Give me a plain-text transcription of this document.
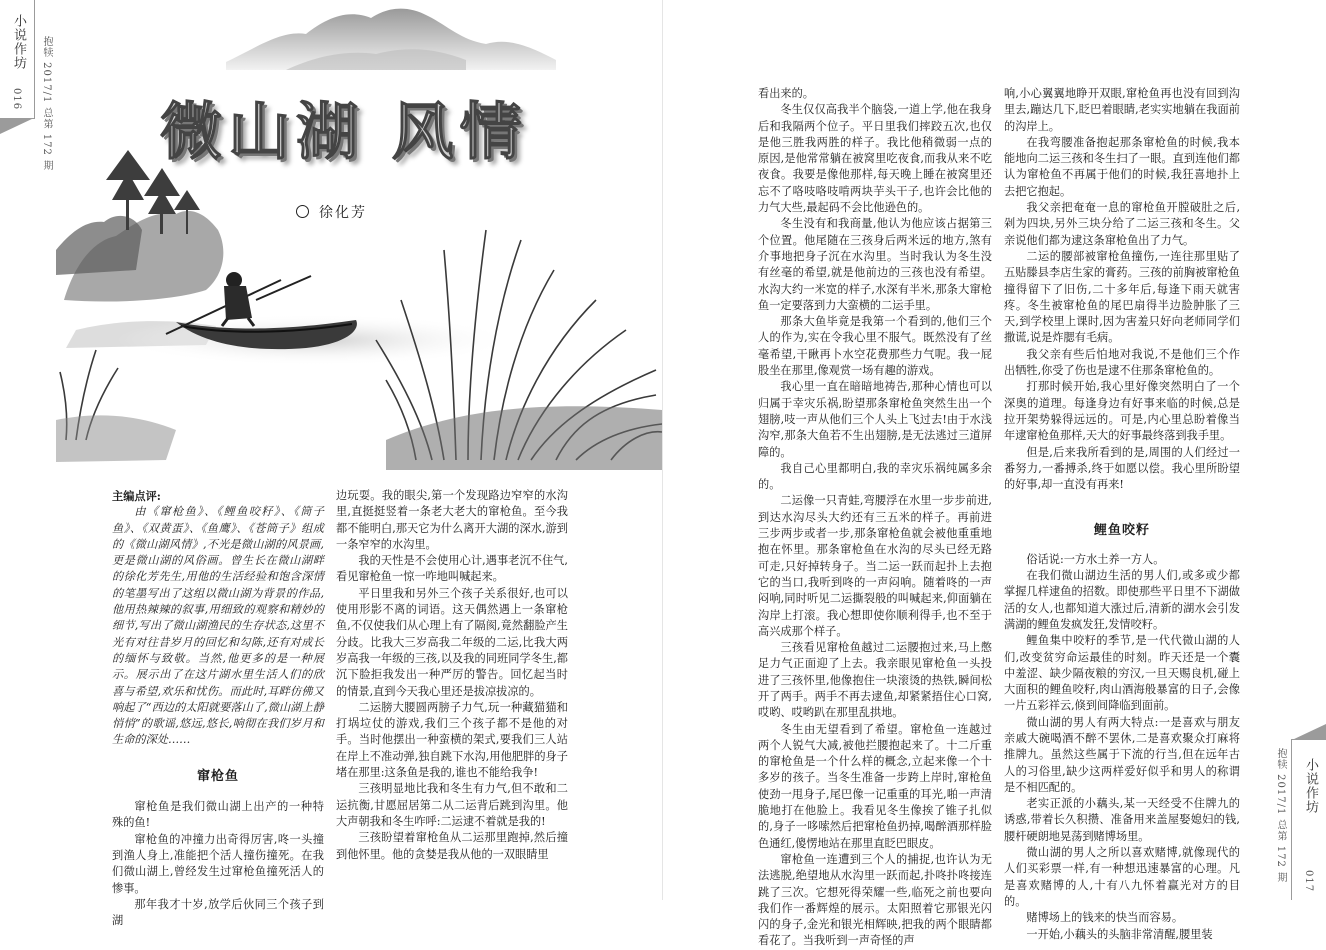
小说作坊
016 抱犊 2017/1 总第 172 期
抱犊 2017/1 总第 172 期 小说作坊
017
微山湖 风情
徐化芳

主编点评:

由《窜枪鱼》、《鲤鱼咬籽》、《筒子鱼》、《双黄蛋》、《鱼鹰》、《苍筒子》组成的《微山湖风情》,不光是微山湖的风景画,更是微山湖的风俗画。曾生长在微山湖畔的徐化芳先生,用他的生活经验和饱含深情的笔墨写出了这组以微山湖为背景的作品,他用热辣辣的叙事,用细致的观察和精妙的细节,写出了微山湖渔民的生存状态,这里不光有对往昔岁月的回忆和勾陈,还有对成长的缅怀与致敬。当然,他更多的是一种展示。展示出了在这片湖水里生活人们的欣喜与希望,欢乐和忧伤。而此时,耳畔仿佛又响起了“西边的太阳就要落山了,微山湖上静悄悄”的歌谣,悠远,悠长,响彻在我们岁月和生命的深处……

窜枪鱼

窜枪鱼是我们微山湖上出产的一种特殊的鱼!

窜枪鱼的冲撞力出奇得厉害,咚一头撞到渔人身上,准能把个活人撞伤撞死。在我们微山湖上,曾经发生过窜枪鱼撞死活人的惨事。

那年我才十岁,放学后伙同三个孩子到湖

边玩耍。我的眼尖,第一个发现路边窄窄的水沟里,直挺挺竖着一条老大老大的窜枪鱼。至今我都不能明白,那天它为什么离开大湖的深水,游到一条窄窄的水沟里。

我的天性是不会使用心计,遇事老沉不住气,看见窜枪鱼一惊一咋地叫喊起来。

平日里我和另外三个孩子关系很好,也可以使用形影不离的词语。这天偶然遇上一条窜枪鱼,不仅使我们从心理上有了隔阂,竟然翻脸产生分歧。比我大三岁高我二年级的二运,比我大两岁高我一年级的三孩,以及我的同班同学冬生,都沉下脸拒我发出一种严厉的警告。回忆起当时的情景,直到今天我心里还是拔凉拔凉的。

二运膀大腰圆两膀子力气,玩一种藏猫猫和打埚垃仗的游戏,我们三个孩子都不是他的对手。当时他摆出一种蛮横的架式,要我们三人站在岸上不准动弹,独自跳下水沟,用他肥胖的身子堵在那里:这条鱼是我的,谁也不能给我争!

三孩明显地比我和冬生有力气,但不敢和二运抗衡,甘愿屈居第二从二运背后跳到沟里。他大声朝我和冬生咋呼:二运逮不着就是我的!

三孩盼望着窜枪鱼从二运那里跑掉,然后撞到他怀里。他的贪婪是我从他的一双眼睛里

看出来的。

冬生仅仅高我半个脑袋,一道上学,他在我身后和我隔两个位子。平日里我们摔跤五次,也仅是他三胜我两胜的样子。我比他稍微弱一点的原因,是他常常躺在被窝里吃夜食,而我从来不吃夜食。我要是像他那样,每天晚上睡在被窝里还忘不了咯吱咯吱啃两块芋头干子,也许会比他的力气大些,最起码不会比他逊色的。

冬生没有和我商量,他认为他应该占据第三个位置。他尾随在三孩身后两米远的地方,煞有介事地把身子沉在水沟里。当时我认为冬生没有丝毫的希望,就是他前边的三孩也没有希望。水沟大约一米宽的样子,水深有半米,那条大窜枪鱼一定要落到力大蛮横的二运手里。

那条大鱼毕竟是我第一个看到的,他们三个人的作为,实在令我心里不服气。既然没有了丝毫希望,干瞅再卜水空花费那些力气呢。我一屁股坐在那里,像观赏一场有趣的游戏。

我心里一直在暗暗地祷告,那种心情也可以归属于幸灾乐祸,盼望那条窜枪鱼突然生出一个翅膀,吱一声从他们三个人头上飞过去!由于水浅沟窄,那条大鱼若不生出翅膀,是无法逃过三道屏障的。

我自己心里都明白,我的幸灾乐祸纯属多余的。

二运像一只青蛙,弯腰浮在水里一步步前进,到达水沟尽头大约还有三五米的样子。再前进三步两步或者一步,那条窜枪鱼就会被他重重地抱在怀里。那条窜枪鱼在水沟的尽头已经无路可走,只好掉转身子。当二运一跃而起扑上去抱它的当口,我听到咚的一声闷响。随着咚的一声闷响,同时听见二运撕裂般的叫喊起来,仰面躺在沟岸上打滚。我心想即使你顺利得手,也不至于高兴成那个样子。

三孩看见窜枪鱼越过二运腰抱过来,马上憋足力气正面迎了上去。我亲眼见窜枪鱼一头投进了三孩怀里,他像抱住一块滚烫的热铁,瞬间松开了两手。两手不再去逮鱼,却紧紧捂住心口窝,哎哟、哎哟趴在那里乱拱地。

冬生由无望看到了希望。窜枪鱼一连越过两个人锐气大减,被他拦腰抱起来了。十二斤重的窜枪鱼是一个什么样的概念,立起来像一个十多岁的孩子。当冬生准备一步跨上岸时,窜枪鱼使劲一甩身子,尾巴像一记重重的耳光,啪一声清脆地打在他脸上。我看见冬生像挨了锥子扎似的,身子一哆嗦然后把窜枪鱼扔掉,喝醉酒那样脸色通红,傻愣地站在那里直眨巴眼皮。

窜枪鱼一连遭到三个人的捕捉,也许认为无法逃脱,绝望地从水沟里一跃而起,扑咚扑咚接连跳了三次。它想死得荣耀一些,临死之前也要向我们作一番辉煌的展示。太阳照着它那银光闪闪的身子,金光和银光相辉映,把我的两个眼睛都看花了。当我听到一声奇怪的声

响,小心翼翼地睁开双眼,窜枪鱼再也没有回到沟里去,蹦达几下,眨巴着眼睛,老实实地躺在我面前的沟岸上。

在我弯腰准备抱起那条窜枪鱼的时候,我本能地向二运三孩和冬生扫了一眼。直到连他们都认为窜枪鱼不再属于他们的时候,我狂喜地扑上去把它抱起。

我父亲把奄奄一息的窜枪鱼开膛破肚之后,剁为四块,另外三块分给了二运三孩和冬生。父亲说他们都为逮这条窜枪鱼出了力气。

二运的腰部被窜枪鱼撞伤,一连往那里贴了五贴滕县李店生家的膏药。三孩的前胸被窜枪鱼撞得留下了旧伤,二十多年后,每逢下雨天就害疼。冬生被窜枪鱼的尾巴扇得半边脸肿胀了三天,到学校里上课时,因为害羞只好向老师同学们撒谎,说是炸腮有毛病。

我父亲有些后怕地对我说,不是他们三个作出牺牲,你受了伤也是逮不住那条窜枪鱼的。

打那时候开始,我心里好像突然明白了一个深奥的道理。每逢身边有好事来临的时候,总是拉开架势躲得远远的。可是,内心里总盼着像当年逮窜枪鱼那样,天大的好事最终落到我手里。

但是,后来我所看到的是,周围的人们经过一番努力,一番搏杀,终于如愿以偿。我心里所盼望的好事,却一直没有再来!

鲤鱼咬籽

俗话说:一方水土养一方人。

在我们微山湖边生活的男人们,或多或少都掌握几样逮鱼的招数。即使那些平日里不下湖做活的女人,也都知道大涨过后,清新的湖水会引发满湖的鲤鱼发疯发狂,发情咬籽。

鲤鱼集中咬籽的季节,是一代代微山湖的人们,改变贫穷命运最佳的时刻。昨天还是一个囊中羞涩、缺少隔夜粮的穷汉,一旦天赐良机,碰上大面积的鲤鱼咬籽,肉山酒海般暴富的日子,会像一片五彩祥云,倏到间降临到面前。

微山湖的男人有两大特点:一是喜欢与朋友亲戚大碗喝酒不醉不罢休,二是喜欢聚众打麻将推牌九。虽然这些属于下流的行当,但在远年古人的习俗里,缺少这两样爱好似乎和男人的称谓是不相匹配的。

老实正派的小藕头,某一天经受不住牌九的诱惑,带着长久积攒、准备用来盖屋娶媳妇的钱,腰杆硬朗地晃荡到赌博场里。

微山湖的男人之所以喜欢赌博,就像现代的人们买彩票一样,有一种想迅速暴富的心理。凡是喜欢赌博的人,十有八九怀着赢光对方的目的。

赌博场上的钱来的快当而容易。

一开始,小藕头的头脑非常清醒,腰里装
